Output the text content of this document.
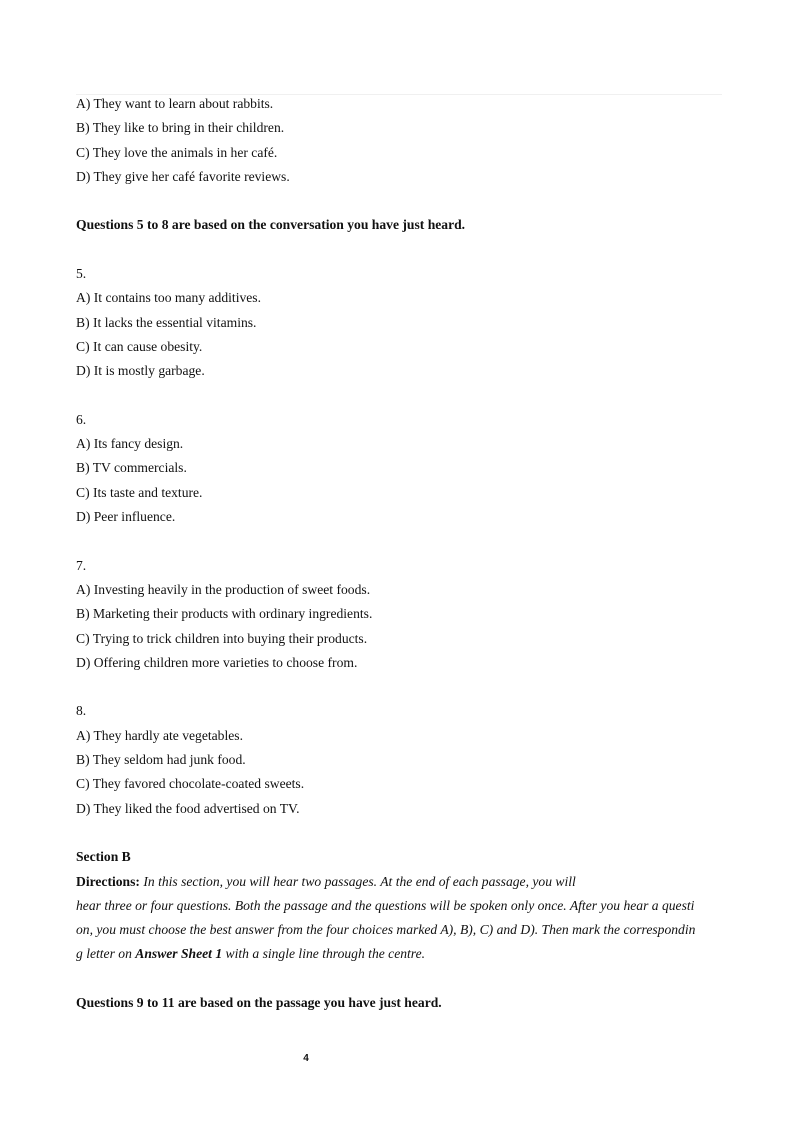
A) They want to learn about rabbits.
B) They like to bring in their children.
C) They love the animals in her café.
D) They give her café favorite reviews.
Questions 5 to 8 are based on the conversation you have just heard.
5.
A) It contains too many additives.
B) It lacks the essential vitamins.
C) It can cause obesity.
D) It is mostly garbage.
6.
A) Its fancy design.
B) TV commercials.
C) Its taste and texture.
D) Peer influence.
7.
A) Investing heavily in the production of sweet foods.
B) Marketing their products with ordinary ingredients.
C) Trying to trick children into buying their products.
D) Offering children more varieties to choose from.
8.
A) They hardly ate vegetables.
B) They seldom had junk food.
C) They favored chocolate-coated sweets.
D) They liked the food advertised on TV.
Section B
Directions: In this section, you will hear two passages. At the end of each passage, you will
hear three or four questions. Both the passage and the questions will be spoken only once. After you hear a questi
on, you must choose the best answer from the four choices marked A), B), C) and D). Then mark the correspondin
g letter on Answer Sheet 1 with a single line through the centre.
Questions 9 to 11 are based on the passage you have just heard.
4
